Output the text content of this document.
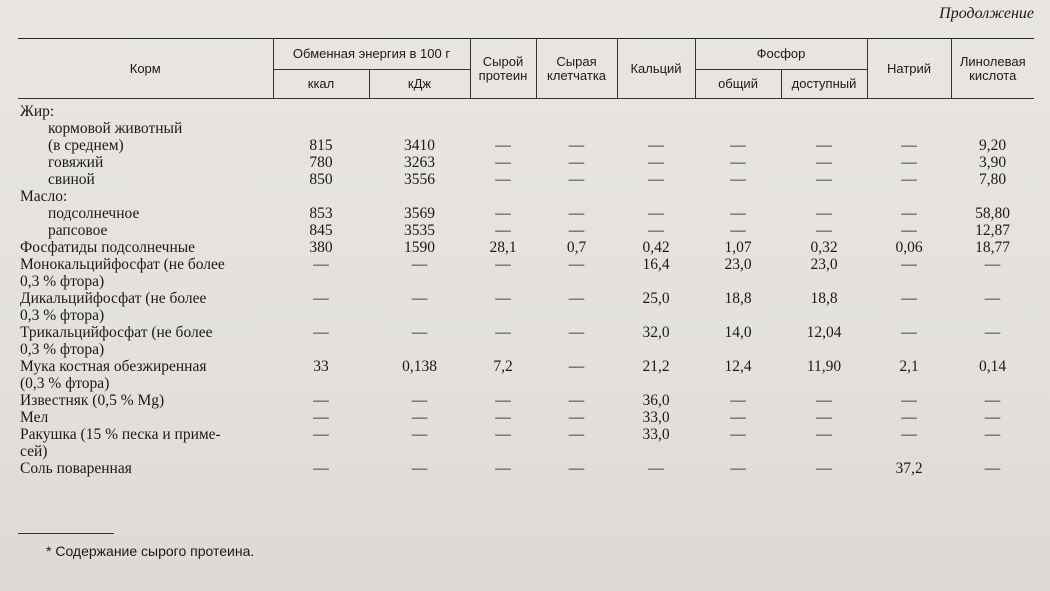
Продолжение
Корм	Обменная энергия в 100 г		Сырой протеин	Сырая клетчатка	Кальций	Фосфор		Натрий	Линолевая кислота
	ккал	кДж				общий	доступный		
Жир:									
кормовой животный									
(в среднем)	815	3410	—	—	—	—	—	—	9,20
говяжий	780	3263	—	—	—	—	—	—	3,90
свиной	850	3556	—	—	—	—	—	—	7,80
Масло:									
подсолнечное	853	3569	—	—	—	—	—	—	58,80
рапсовое	845	3535	—	—	—	—	—	—	12,87
Фосфатиды подсолнечные	380	1590	28,1	0,7	0,42	1,07	0,32	0,06	18,77
Монокальцийфосфат (не более	—	—	—	—	16,4	23,0	23,0	—	—
0,3 % фтора)									
Дикальцийфосфат (не более	—	—	—	—	25,0	18,8	18,8	—	—
0,3 % фтора)									
Трикальцийфосфат (не более	—	—	—	—	32,0	14,0	12,04	—	—
0,3 % фтора)									
Мука костная обезжиренная	33	0,138	7,2	—	21,2	12,4	11,90	2,1	0,14
(0,3 % фтора)									
Известняк (0,5 % Mg)	—	—	—	—	36,0	—	—	—	—
Мел	—	—	—	—	33,0	—	—	—	—
Ракушка (15 % песка и приме-	—	—	—	—	33,0	—	—	—	—
сей)									
Соль поваренная	—	—	—	—	—	—	—	37,2	—
* Содержание сырого протеина.
